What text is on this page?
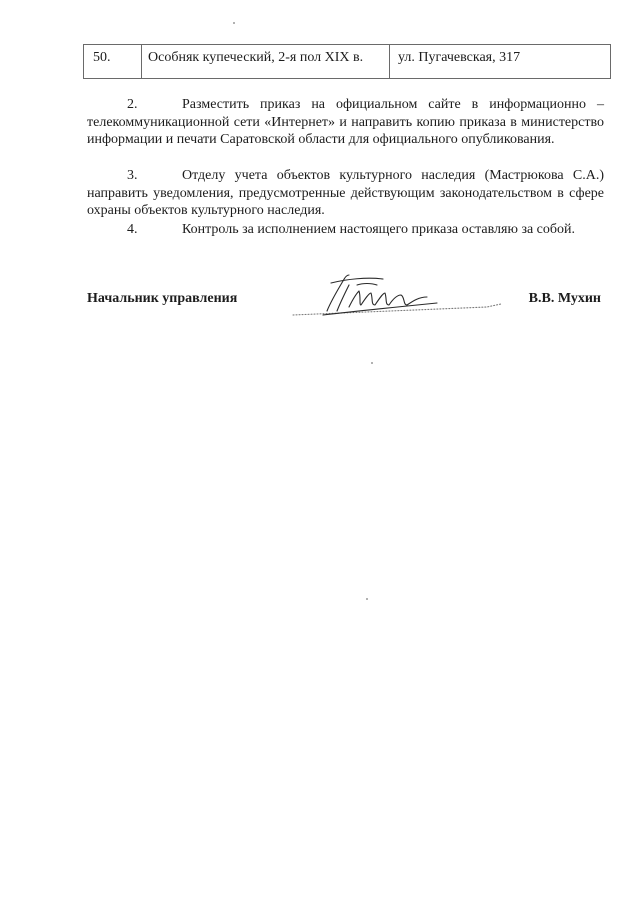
50.	Особняк купеческий, 2-я пол XIX в.	ул. Пугачевская, 317
2.	Разместить приказ на официальном сайте в информационно – телекоммуникационной сети «Интернет» и направить копию приказа в министерство информации и печати Саратовской области для официального опубликования.
3.	Отделу учета объектов культурного наследия (Мастрюкова С.А.) направить уведомления, предусмотренные действующим законодательством в сфере охраны объектов культурного наследия.
4.	Контроль за исполнением настоящего приказа оставляю за собой.
Начальник управления	В.В. Мухин
